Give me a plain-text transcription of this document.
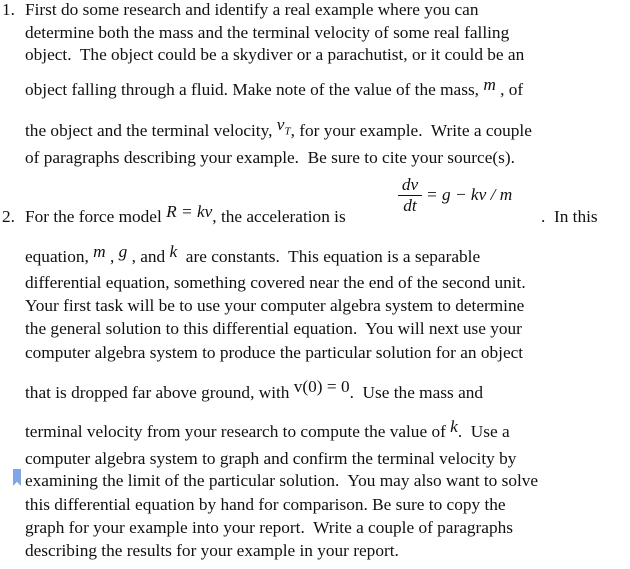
1. First do some research and identify a real example where you can
determine both the mass and the terminal velocity of some real falling
object.  The object could be a skydiver or a parachutist, or it could be an
object falling through a fluid. Make note of the value of the mass, m , of
the object and the terminal velocity, $v_T$, for your example.  Write a couple
of paragraphs describing your example.  Be sure to cite your source(s).
2. For the force model R = kv, the acceleration is
dv
dt
= g − kv / m
.  In this
equation, m , g , and k  are constants.  This equation is a separable
differential equation, something covered near the end of the second unit.
Your first task will be to use your computer algebra system to determine
the general solution to this differential equation.  You will next use your
computer algebra system to produce the particular solution for an object
that is dropped far above ground, with v(0) = 0.  Use the mass and
terminal velocity from your research to compute the value of k.  Use a
computer algebra system to graph and confirm the terminal velocity by
examining the limit of the particular solution.  You may also want to solve
this differential equation by hand for comparison. Be sure to copy the
graph for your example into your report.  Write a couple of paragraphs
describing the results for your example in your report.
